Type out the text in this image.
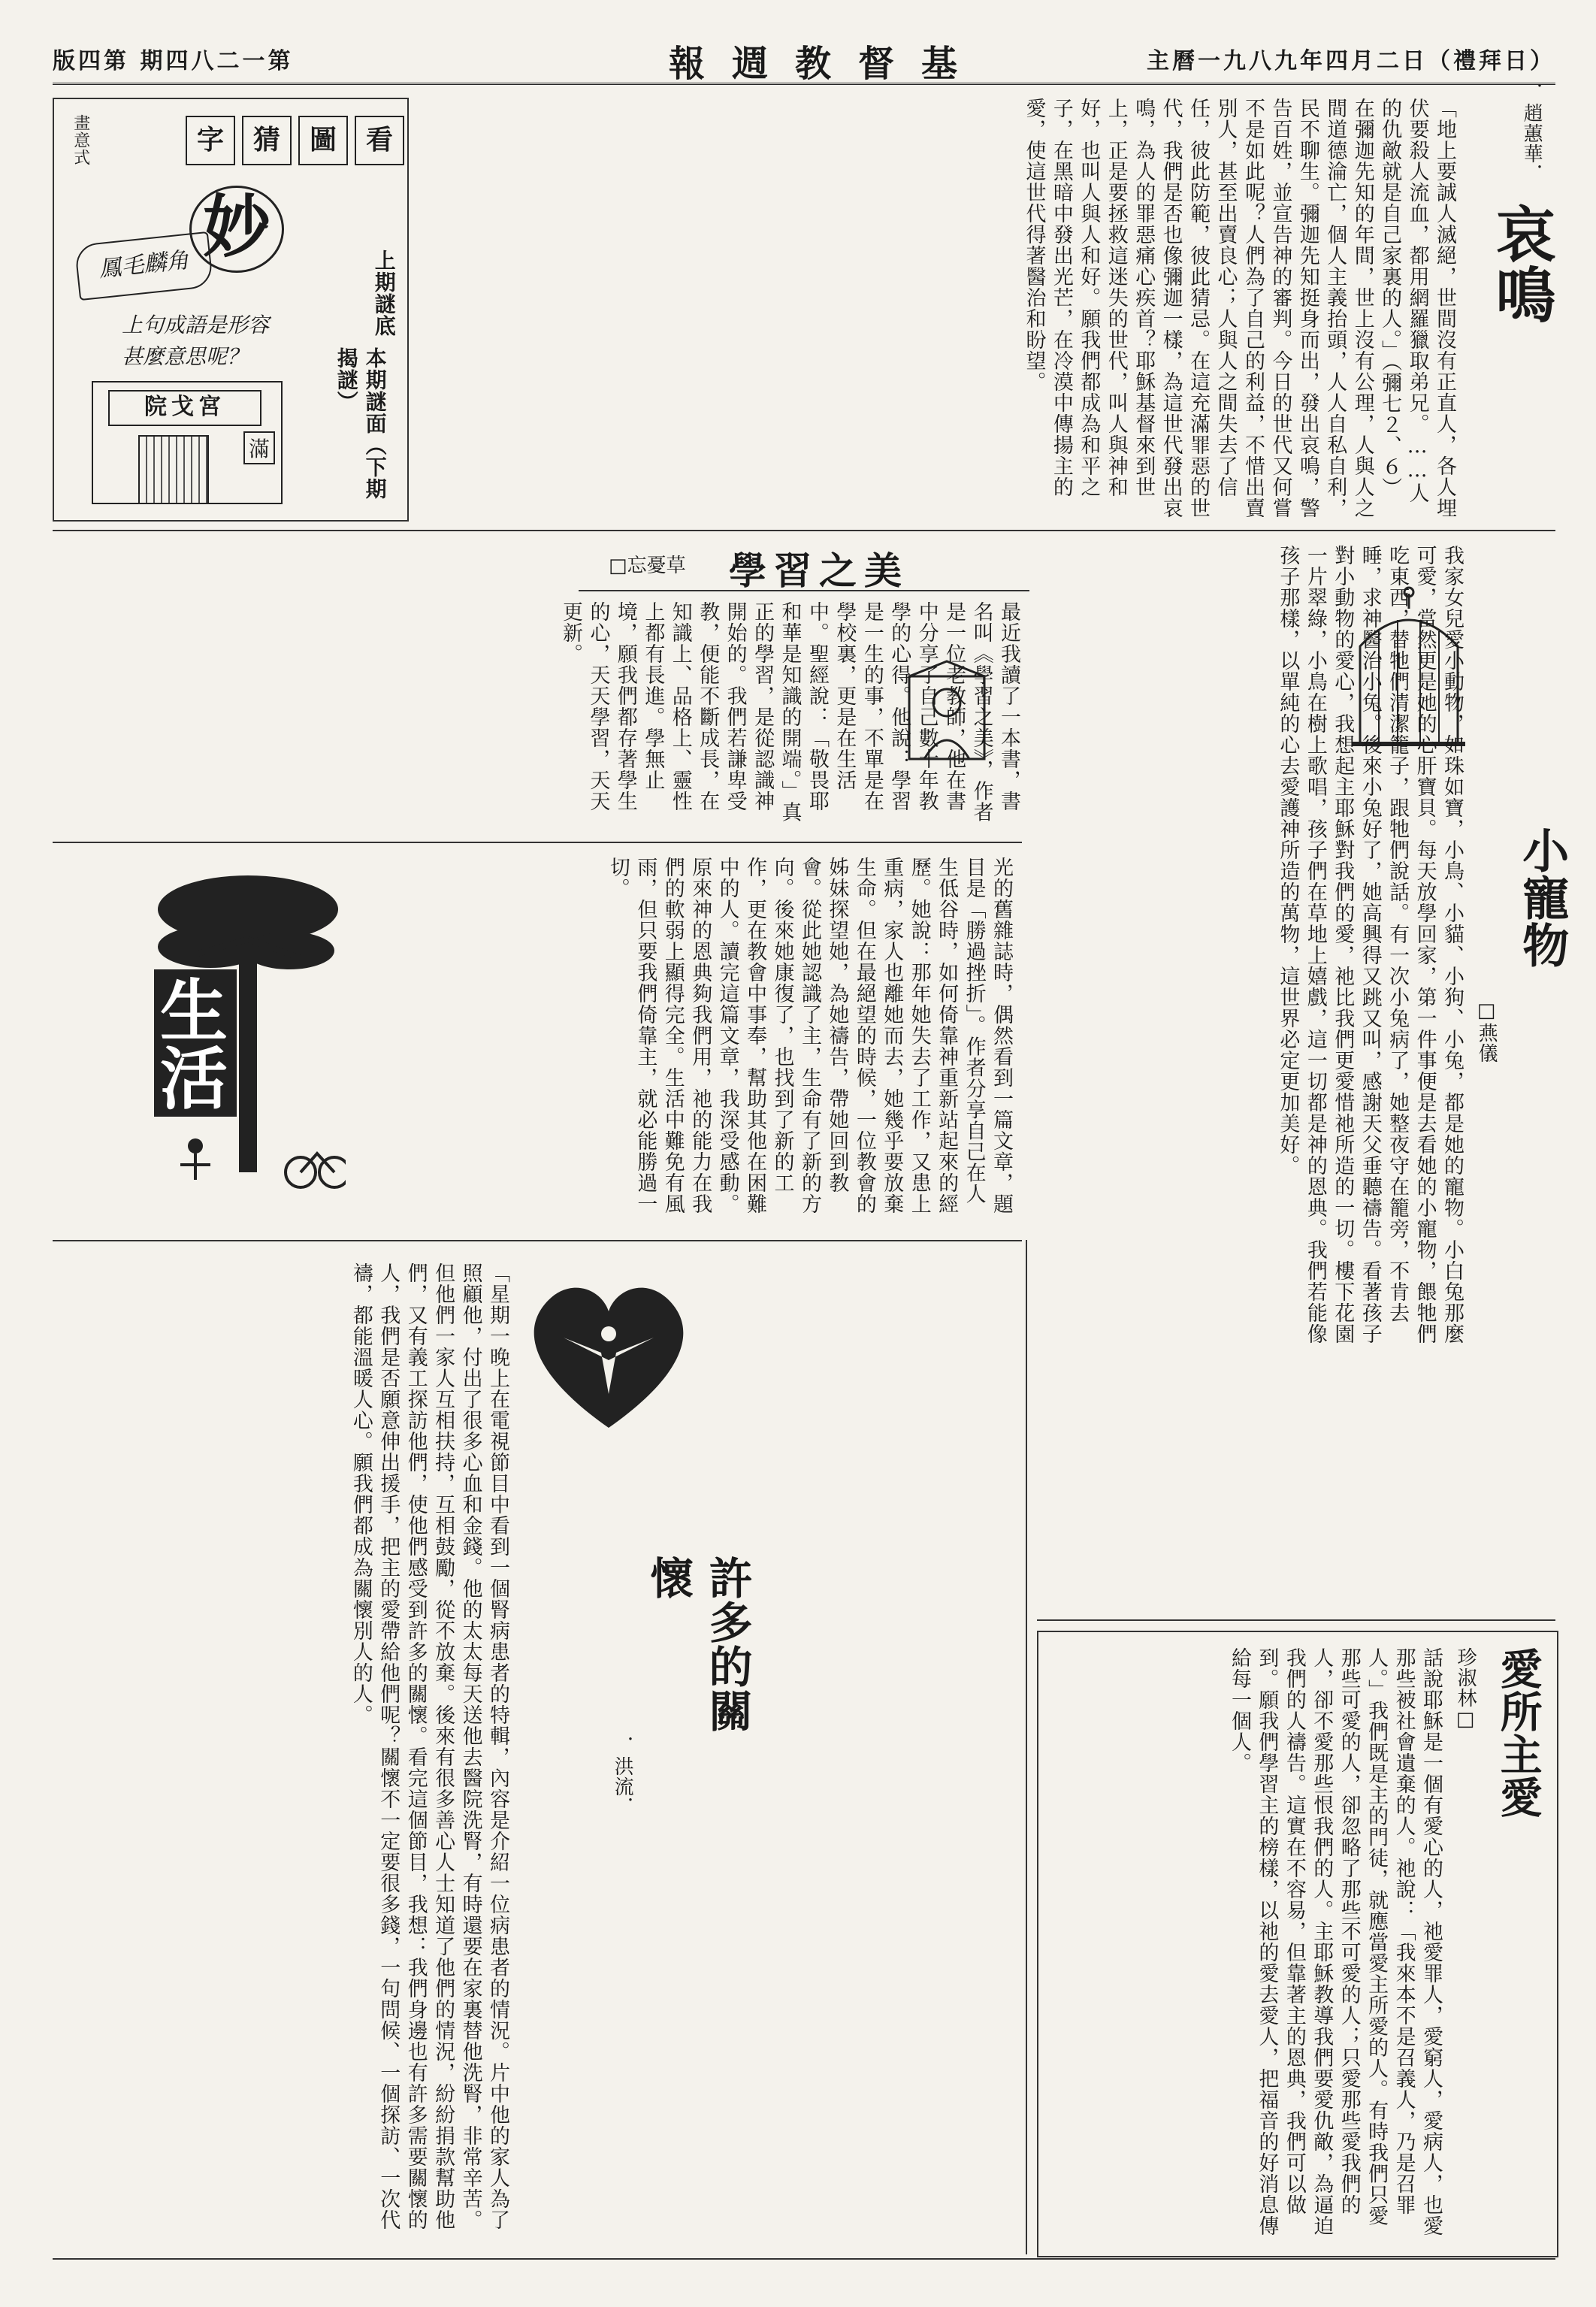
版四第 期四八二一第	報週教督基	主曆一九八九年四月二日（禮拜日）
看
圖
猜
字
畫意式
妙
鳳毛麟角
上句成語是形容甚麼意思呢？
院戈宮
滿
上期謎底
本期謎面（下期揭謎）
哀鳴
．趙蕙華．
「地上要誠人滅絕，世間沒有正直人，各人埋伏要殺人流血，都用網羅獵取弟兄。……人的仇敵就是自己家裏的人。」（彌七２、６）在彌迦先知的年間，世上沒有公理，人與人之間道德淪亡，個人主義抬頭，人人自私自利，民不聊生。彌迦先知挺身而出，發出哀鳴，警告百姓，並宣告神的審判。今日的世代又何嘗不是如此呢？人們為了自己的利益，不惜出賣別人，甚至出賣良心；人與人之間失去了信任，彼此防範，彼此猜忌。在這充滿罪惡的世代，我們是否也像彌迦一樣，為這世代發出哀鳴，為人的罪惡痛心疾首？耶穌基督來到世上，正是要拯救這迷失的世代，叫人與神和好，也叫人與人和好。願我們都成為和平之子，在黑暗中發出光芒，在冷漠中傳揚主的愛，使這世代得著醫治和盼望。
小寵物
□燕儀
我家女兒愛小動物，如珠如寶，小鳥、小貓、小狗、小兔，都是她的寵物。小白兔那麼可愛，當然更是她的心肝寶貝。每天放學回家，第一件事便是去看她的小寵物，餵牠們吃東西，替牠們清潔籠子，跟牠們說話。有一次小兔病了，她整夜守在籠旁，不肯去睡，求神醫治小兔。後來小兔好了，她高興得又跳又叫，感謝天父垂聽禱告。看著孩子對小動物的愛心，我想起主耶穌對我們的愛，祂比我們更愛惜祂所造的一切。樓下花園一片翠綠，小鳥在樹上歌唱，孩子們在草地上嬉戲，這一切都是神的恩典。我們若能像孩子那樣，以單純的心去愛護神所造的萬物，這世界必定更加美好。
學習之美
□忘憂草
最近我讀了一本書，書名叫《學習之美》，作者是一位老教師，他在書中分享了自己數十年教學的心得。他說：學習是一生的事，不單是在學校裏，更是在生活中。聖經說：「敬畏耶和華是知識的開端。」真正的學習，是從認識神開始的。我們若謙卑受教，便能不斷成長，在知識上、品格上、靈性上都有長進。學無止境，願我們都存著學生的心，天天學習，天天更新。
生活	光的舊雜誌時，偶然看到一篇文章，題目是「勝過挫折」。作者分享自己在人生低谷時，如何倚靠神重新站起來的經歷。她說：那年她失去了工作，又患上重病，家人也離她而去，她幾乎要放棄生命。但在最絕望的時候，一位教會的姊妹探望她，為她禱告，帶她回到教會。從此她認識了主，生命有了新的方向。後來她康復了，也找到了新的工作，更在教會中事奉，幫助其他在困難中的人。讀完這篇文章，我深受感動。原來神的恩典夠我們用，祂的能力在我們的軟弱上顯得完全。生活中難免有風雨，但只要我們倚靠主，就必能勝過一切。
許多的關懷
．洪流．
「星期一晚上在電視節目中看到一個腎病患者的特輯，內容是介紹一位病患者的情況。片中他的家人為了照顧他，付出了很多心血和金錢。他的太太每天送他去醫院洗腎，有時還要在家裏替他洗腎，非常辛苦。但他們一家人互相扶持，互相鼓勵，從不放棄。後來有很多善心人士知道了他們的情況，紛紛捐款幫助他們，又有義工探訪他們，使他們感受到許多的關懷。看完這個節目，我想：我們身邊也有許多需要關懷的人，我們是否願意伸出援手，把主的愛帶給他們呢？關懷不一定要很多錢，一句問候、一個探訪、一次代禱，都能溫暖人心。願我們都成為關懷別人的人。
愛所主愛
珍淑林□
話說耶穌是一個有愛心的人，祂愛罪人，愛窮人，愛病人，也愛那些被社會遺棄的人。祂說：「我來本不是召義人，乃是召罪人。」我們既是主的門徒，就應當愛主所愛的人。有時我們只愛那些可愛的人，卻忽略了那些不可愛的人；只愛那些愛我們的人，卻不愛那些恨我們的人。主耶穌教導我們要愛仇敵，為逼迫我們的人禱告。這實在不容易，但靠著主的恩典，我們可以做到。願我們學習主的榜樣，以祂的愛去愛人，把福音的好消息傳給每一個人。
